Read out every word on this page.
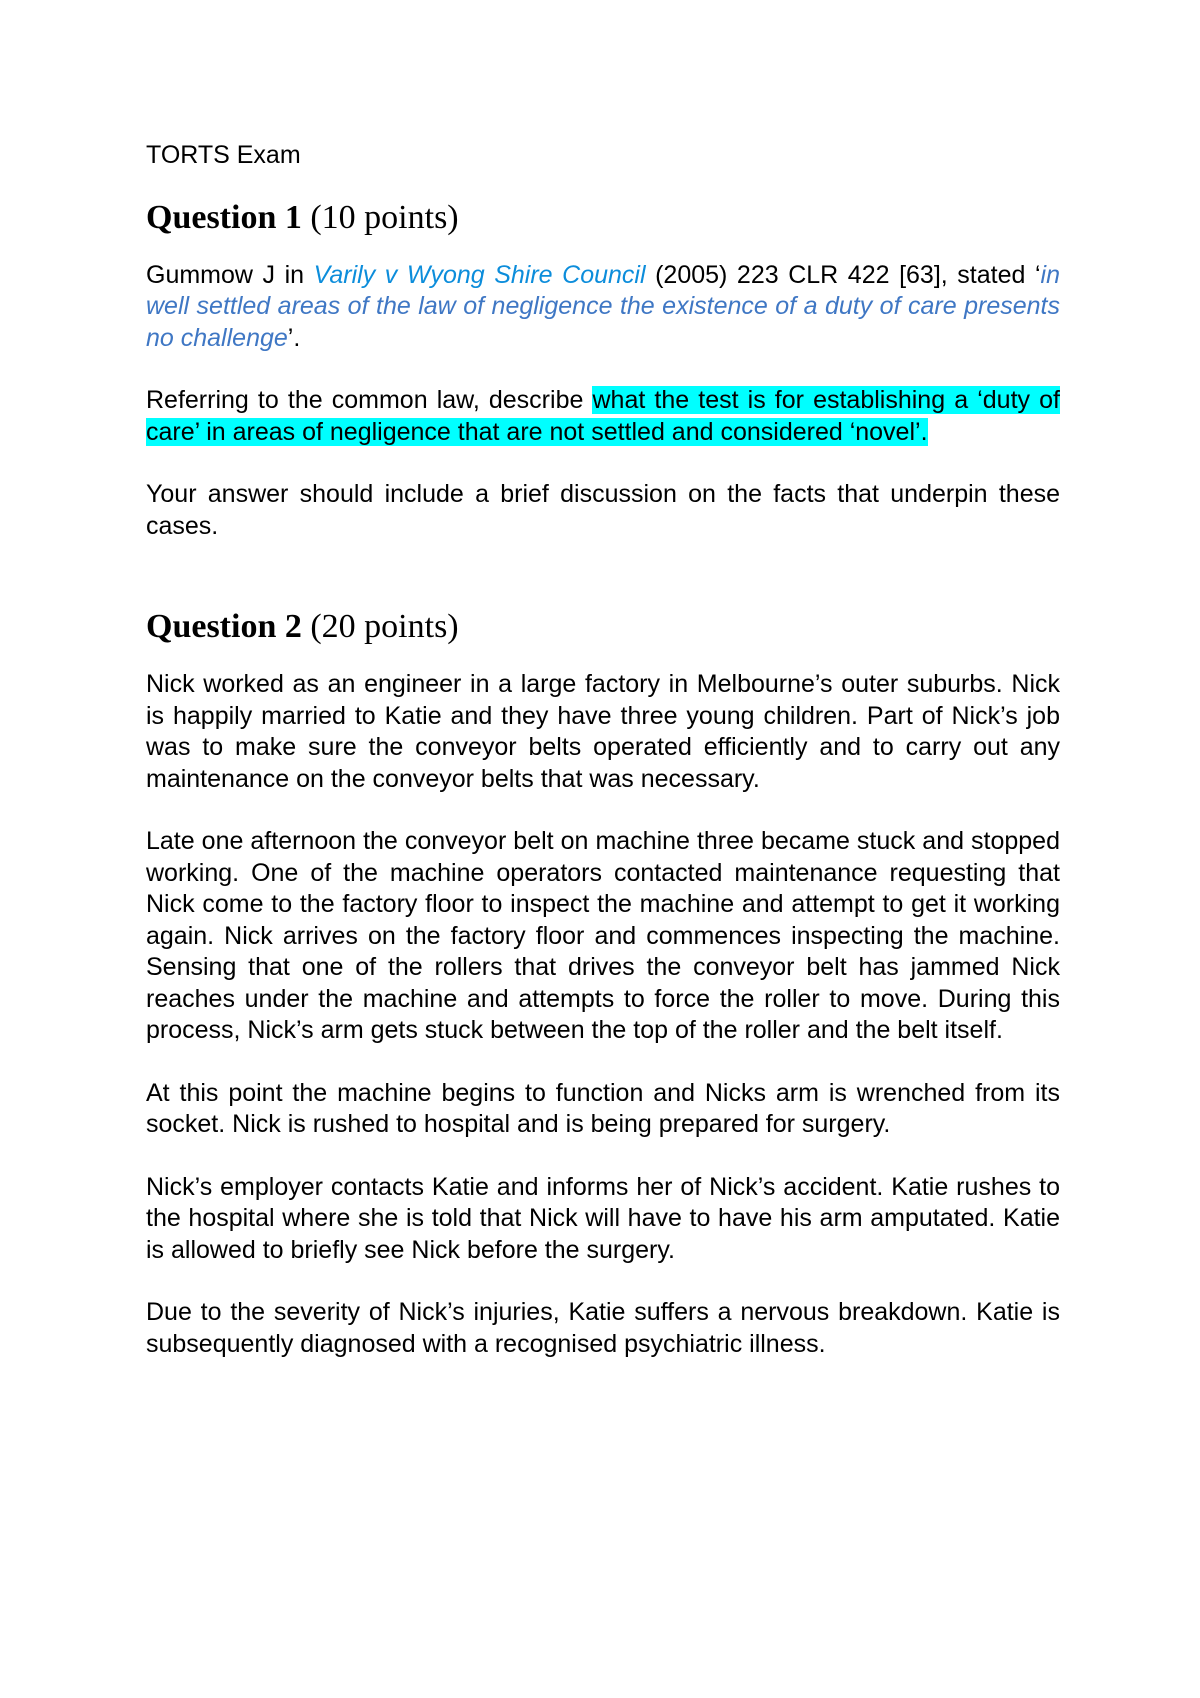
TORTS Exam
Question 1 (10 points)

Gummow J in Varily v Wyong Shire Council (2005) 223 CLR 422 [63], stated ‘in well settled areas of the law of negligence the existence of a duty of care presents no challenge’.

Referring to the common law, describe what the test is for establishing a ‘duty of care’ in areas of negligence that are not settled and considered ‘novel’.

Your answer should include a brief discussion on the facts that underpin these cases.

Question 2 (20 points)

Nick worked as an engineer in a large factory in Melbourne’s outer suburbs. Nick is happily married to Katie and they have three young children. Part of Nick’s job was to make sure the conveyor belts operated efficiently and to carry out any maintenance on the conveyor belts that was necessary.

Late one afternoon the conveyor belt on machine three became stuck and stopped working. One of the machine operators contacted maintenance requesting that Nick come to the factory floor to inspect the machine and attempt to get it working again. Nick arrives on the factory floor and commences inspecting the machine. Sensing that one of the rollers that drives the conveyor belt has jammed Nick reaches under the machine and attempts to force the roller to move. During this process, Nick’s arm gets stuck between the top of the roller and the belt itself.

At this point the machine begins to function and Nicks arm is wrenched from its socket. Nick is rushed to hospital and is being prepared for surgery.

Nick’s employer contacts Katie and informs her of Nick’s accident. Katie rushes to the hospital where she is told that Nick will have to have his arm amputated. Katie is allowed to briefly see Nick before the surgery.

Due to the severity of Nick’s injuries, Katie suffers a nervous breakdown. Katie is subsequently diagnosed with a recognised psychiatric illness.
